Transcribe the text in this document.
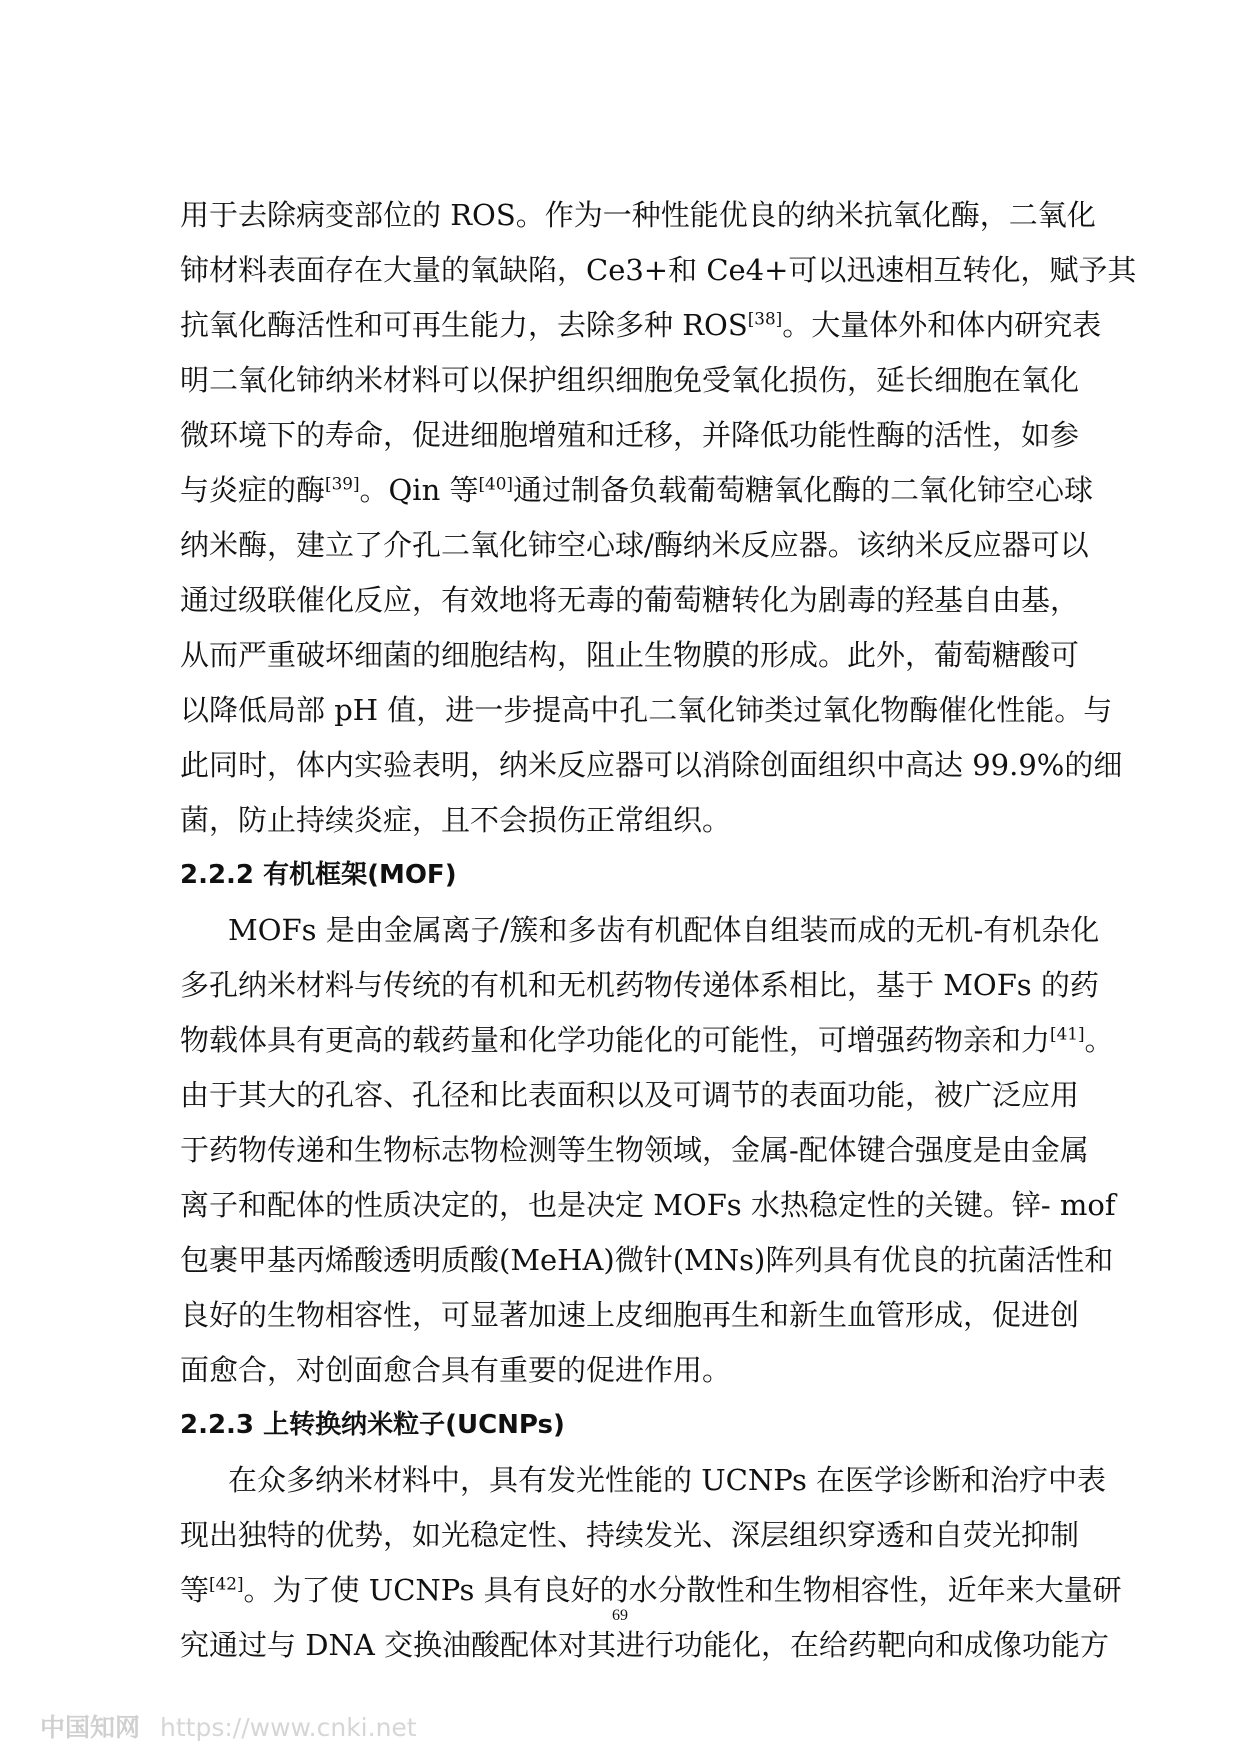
用于去除病变部位的 ROS。作为一种性能优良的纳米抗氧化酶，二氧化
铈材料表面存在大量的氧缺陷，Ce3+和 Ce4+可以迅速相互转化，赋予其
抗氧化酶活性和可再生能力，去除多种 ROS[38]。大量体外和体内研究表
明二氧化铈纳米材料可以保护组织细胞免受氧化损伤，延长细胞在氧化
微环境下的寿命，促进细胞增殖和迁移，并降低功能性酶的活性，如参
与炎症的酶[39]。Qin 等[40]通过制备负载葡萄糖氧化酶的二氧化铈空心球
纳米酶，建立了介孔二氧化铈空心球/酶纳米反应器。该纳米反应器可以
通过级联催化反应，有效地将无毒的葡萄糖转化为剧毒的羟基自由基，
从而严重破坏细菌的细胞结构，阻止生物膜的形成。此外，葡萄糖酸可
以降低局部 pH 值，进一步提高中孔二氧化铈类过氧化物酶催化性能。与
此同时，体内实验表明，纳米反应器可以消除创面组织中高达 99.9%的细
菌，防止持续炎症，且不会损伤正常组织。
2.2.2 有机框架(MOF)
MOFs 是由金属离子/簇和多齿有机配体自组装而成的无机-有机杂化
多孔纳米材料与传统的有机和无机药物传递体系相比，基于 MOFs 的药
物载体具有更高的载药量和化学功能化的可能性，可增强药物亲和力[41]。
由于其大的孔容、孔径和比表面积以及可调节的表面功能，被广泛应用
于药物传递和生物标志物检测等生物领域，金属-配体键合强度是由金属
离子和配体的性质决定的，也是决定 MOFs 水热稳定性的关键。锌- mof
包裹甲基丙烯酸透明质酸(MeHA)微针(MNs)阵列具有优良的抗菌活性和
良好的生物相容性，可显著加速上皮细胞再生和新生血管形成，促进创
面愈合，对创面愈合具有重要的促进作用。
2.2.3 上转换纳米粒子(UCNPs)
在众多纳米材料中，具有发光性能的 UCNPs 在医学诊断和治疗中表
现出独特的优势，如光稳定性、持续发光、深层组织穿透和自荧光抑制
等[42]。为了使 UCNPs 具有良好的水分散性和生物相容性，近年来大量研
究通过与 DNA 交换油酸配体对其进行功能化，在给药靶向和成像功能方
69
中国知网 https://www.cnki.net
